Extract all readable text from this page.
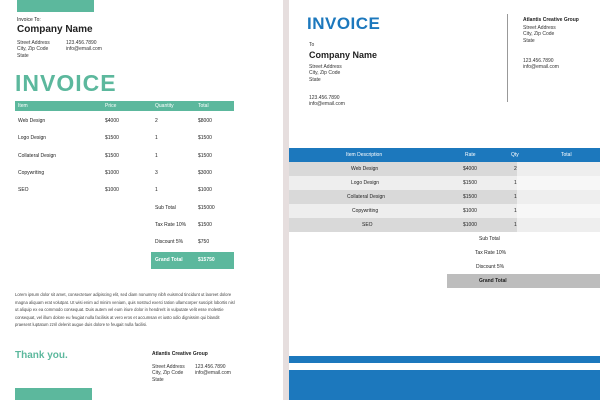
Invoice To:
Company Name
Street Address
City, Zip Code
State
123.456.7890
info@email.com
INVOICE
Item	Price	Quantity	Total
Web Design	$4000	2	$8000
Logo Design	$1500	1	$1500
Collateral Design	$1500	1	$1500
Copywriting	$1000	3	$3000
SEO	$1000	1	$1000
Sub Total	$15000
Tax Rate 10% $1500
Discount 5%	$750
Grand Total	$15750
Lorem ipsum dolor sit amet, consectetuer adipiscing elit, sed diam nonummy nibh euismod tincidunt ut laoreet dolore magna aliquam erat volutpat. Ut wisi enim ad minim veniam, quis nostrud exerci tation ullamcorper suscipit lobortis nisl ut aliquip ex ea commodo consequat. Duis autem vel eum iriure dolor in hendrerit in vulputate velit esse molestie consequat, vel illum dolore eu feugiat nulla facilisis at vero eros et accumsan et iusto odio dignissim qui blandit praesent luptatum zzril delenit augue duis dolore te feugait nulla facilisi.
Thank you.	Atlantis Creative Group
Street Address
City, Zip Code
State
123.456.7890
info@email.com
INVOICE
To
Company Name
Street Address
City, Zip Code
State
123.456.7890
info@email.com
Atlantis Creative Group
Street Address
City, Zip Code
State
123.456.7890
info@email.com
Item Description	Rate	Qty	Total
Web Design	$4000	2
Logo Design	$1500	1
Collateral Design	$1500	1
Copywriting	$1000	1
SEO	$1000	1
Sub Total
Tax Rate 10%
Discount 5%
Grand Total
